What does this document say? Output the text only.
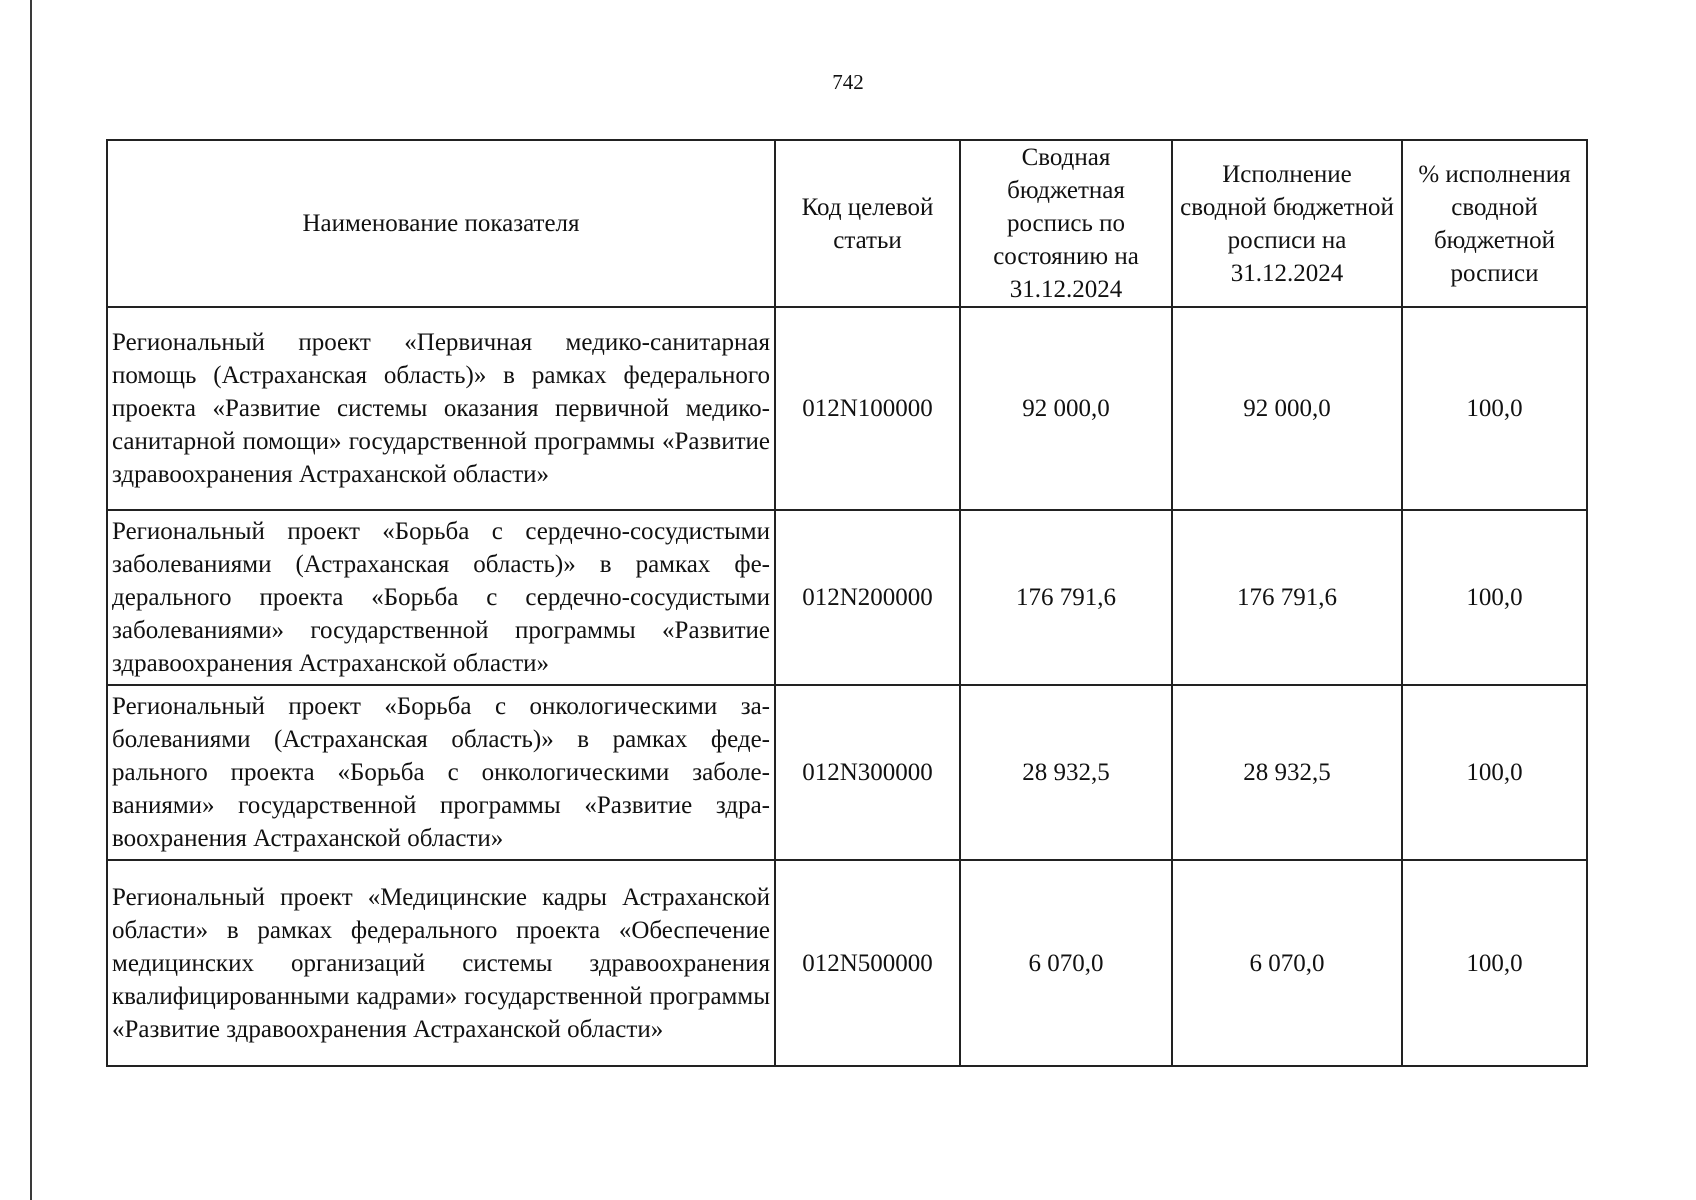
742
Наименование показателя	Код целевой статьи	Сводная бюджетная роспись по состоянию на 31.12.2024	Исполнение сводной бюджетной росписи на 31.12.2024	% исполнения сводной бюджетной росписи
Региональный проект «Первичная медико-санитарная помощь (Астраханская область)» в рамках федерального проекта «Развитие системы оказания первичной медико-санитарной помощи» государственной программы «Развитие здравоохранения Астраханской области»	012N100000	92 000,0	92 000,0	100,0
Региональный проект «Борьба с сердечно-сосудистыми заболеваниями (Астраханская область)» в рамках федерального проекта «Борьба с сердечно-сосудистыми заболеваниями» государственной программы «Развитие здравоохранения Астраханской области»	012N200000	176 791,6	176 791,6	100,0
Региональный проект «Борьба с онкологическими заболеваниями (Астраханская область)» в рамках федерального проекта «Борьба с онкологическими заболеваниями» государственной программы «Развитие здравоохранения Астраханской области»	012N300000	28 932,5	28 932,5	100,0
Региональный проект «Медицинские кадры Астраханской области» в рамках федерального проекта «Обеспечение медицинских организаций системы здравоохранения квалифицированными кадрами» государственной программы «Развитие здравоохранения Астраханской области»	012N500000	6 070,0	6 070,0	100,0
